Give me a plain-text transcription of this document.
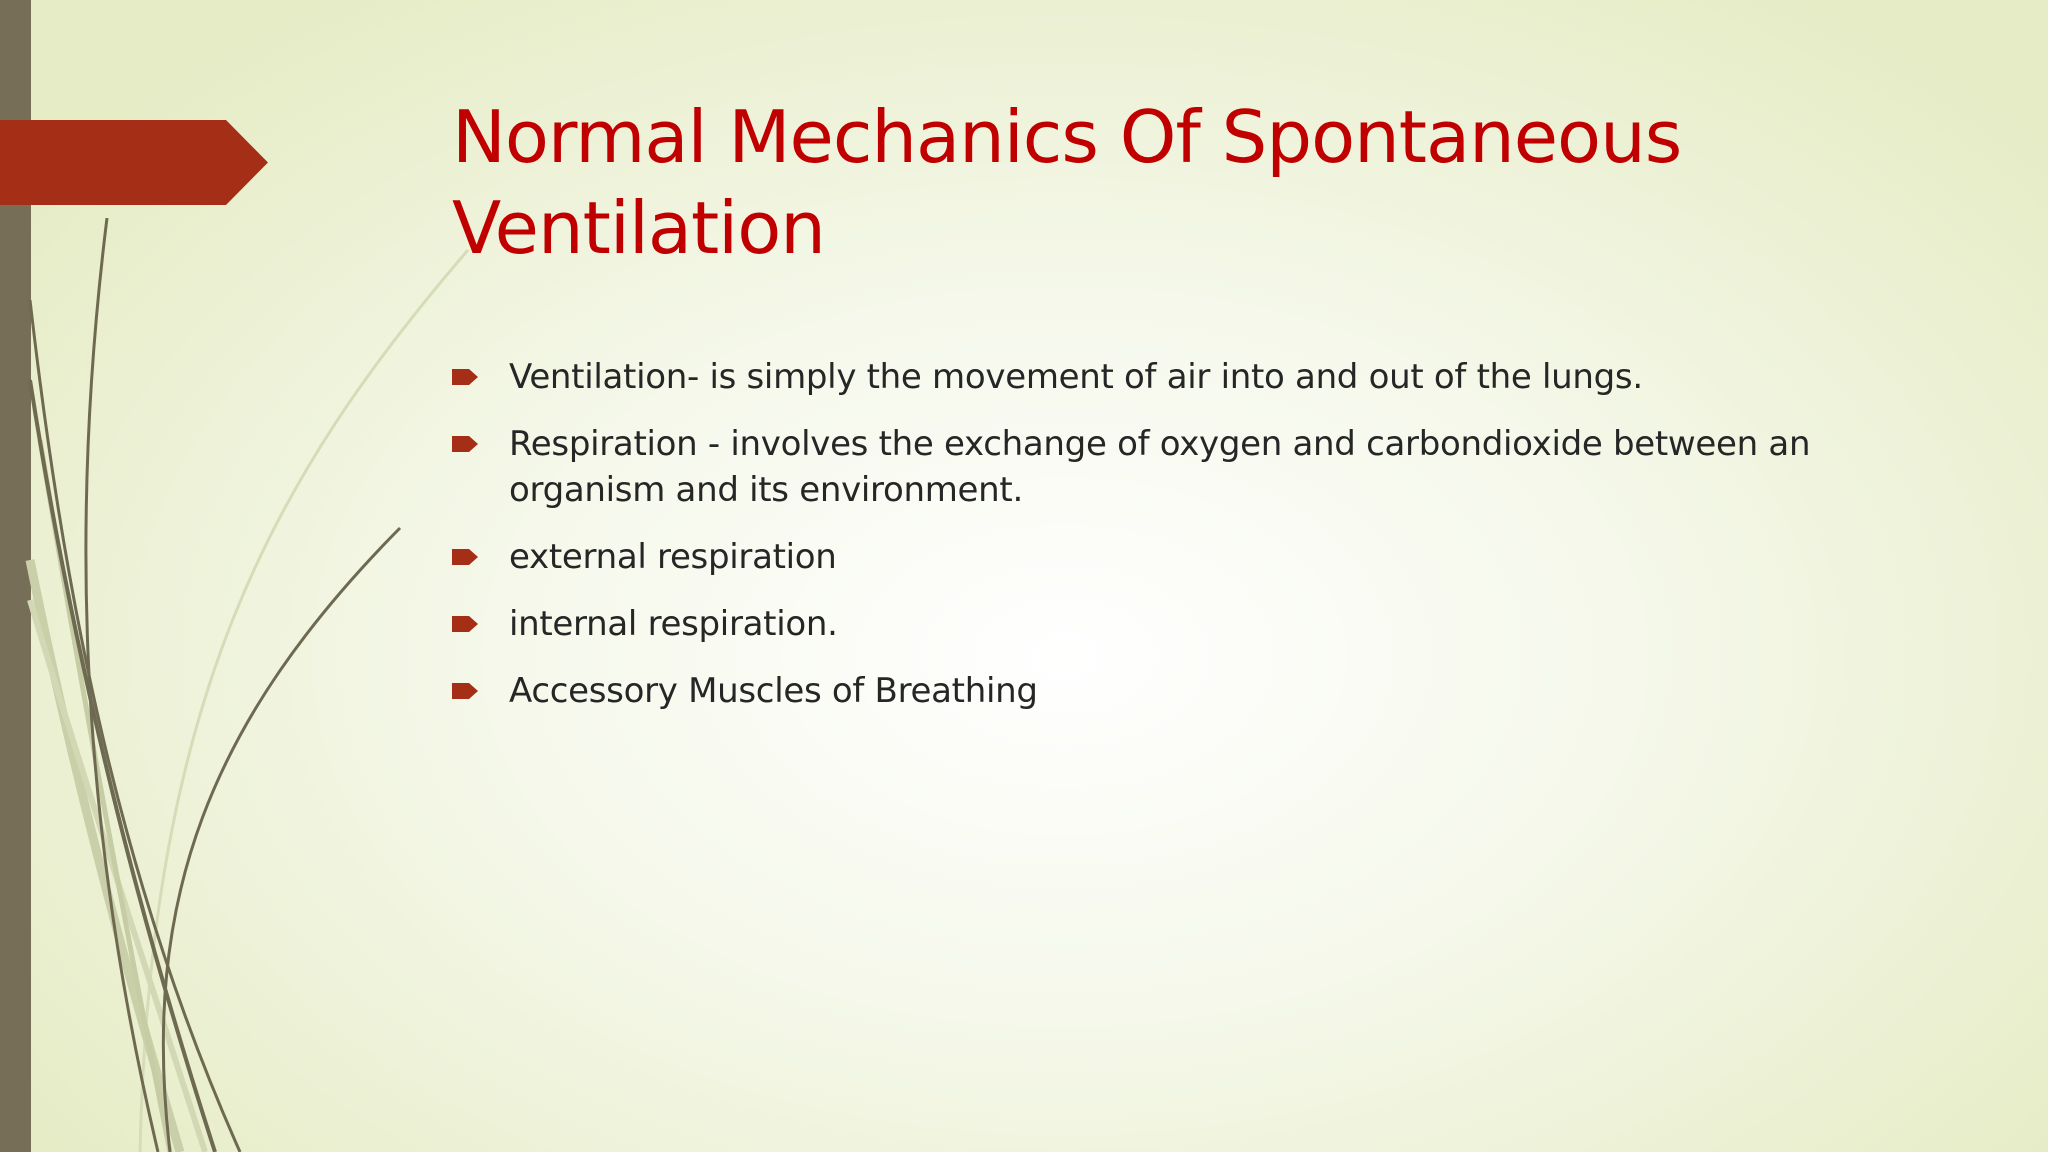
Normal Mechanics Of Spontaneous Ventilation
Ventilation- is simply the movement of air into and out of the lungs.
Respiration - involves the exchange of oxygen and carbondioxide between an organism and its environment.
external respiration
internal respiration.
Accessory Muscles of Breathing
